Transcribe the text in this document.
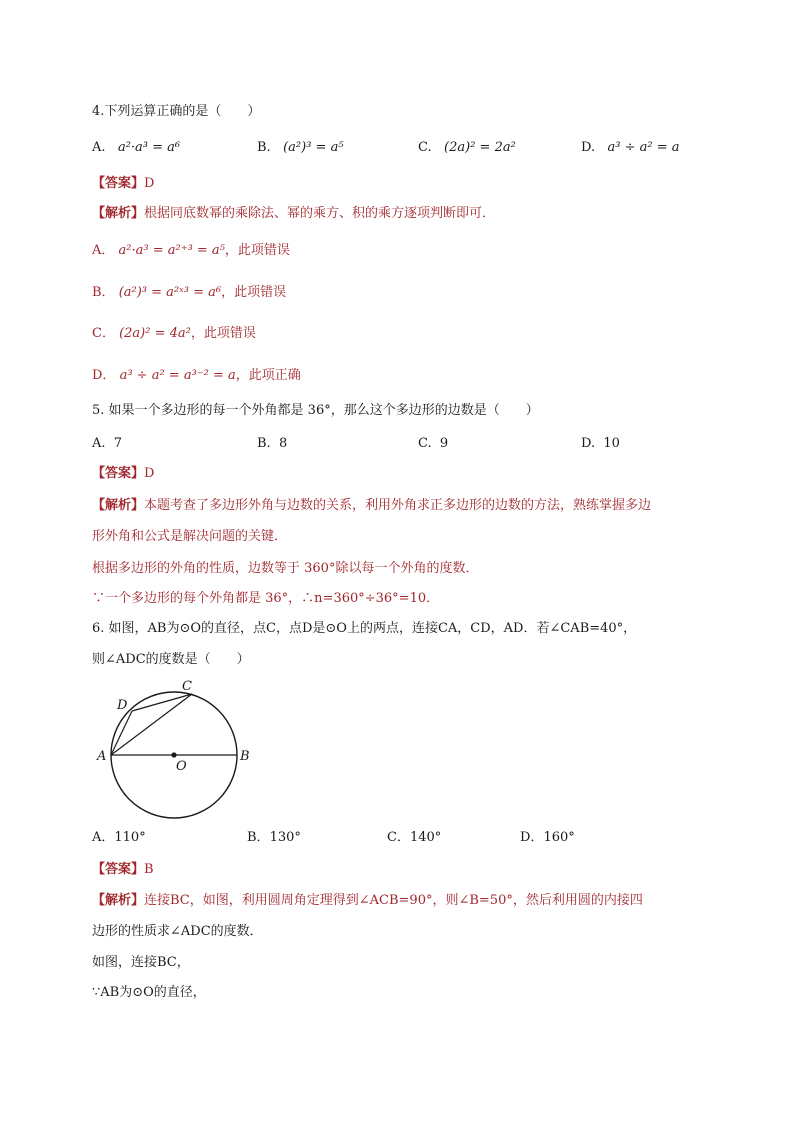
4.下列运算正确的是（　　）
A. a²·a³ = a⁶	B. (a²)³ = a⁵	C. (2a)² = 2a²	D. a³ ÷ a² = a
【答案】D
【解析】根据同底数幂的乘除法、幂的乘方、积的乘方逐项判断即可．
A． a²·a³ = a²⁺³ = a⁵，此项错误
B． (a²)³ = a²ˣ³ = a⁶，此项错误
C． (2a)² = 4a²，此项错误
D． a³ ÷ a² = a³⁻² = a，此项正确
5. 如果一个多边形的每一个外角都是 36°，那么这个多边形的边数是（　　）
A. 7	B. 8	C. 9	D. 10
【答案】D
【解析】本题考查了多边形外角与边数的关系，利用外角求正多边形的边数的方法，熟练掌握多边
形外角和公式是解决问题的关键．
根据多边形的外角的性质，边数等于 360°除以每一个外角的度数．
∵一个多边形的每个外角都是 36°，∴n=360°÷36°=10．
6. 如图，AB为⊙O的直径，点C，点D是⊙O上的两点，连接CA，CD，AD．若∠CAB=40°，
则∠ADC的度数是（　　）
A	B
C
D
O
A．110°	B．130°	C．140°	D．160°
【答案】B
【解析】连接BC，如图，利用圆周角定理得到∠ACB=90°，则∠B=50°，然后利用圆的内接四
边形的性质求∠ADC的度数．
如图，连接BC，
∵AB为⊙O的直径，
